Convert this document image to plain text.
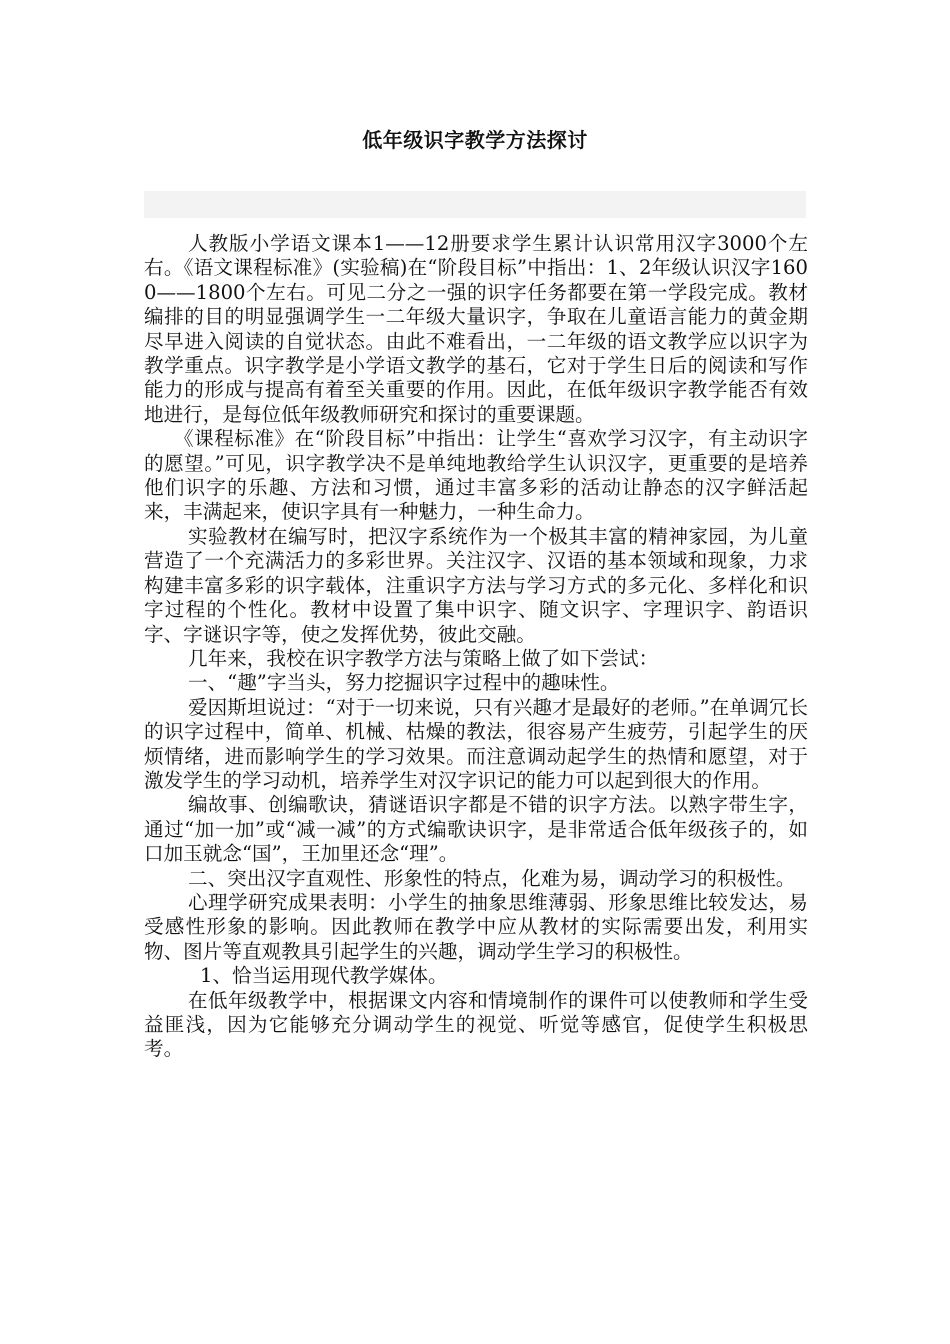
低年级识字教学方法探讨

人教版小学语文课本1——12册要求学生累计认识常用汉字3000个左右。《语文课程标准》(实验稿)在“阶段目标”中指出：1、2年级认识汉字1600——1800个左右。可见二分之一强的识字任务都要在第一学段完成。教材编排的目的明显强调学生一二年级大量识字，争取在儿童语言能力的黄金期尽早进入阅读的自觉状态。由此不难看出，一二年级的语文教学应以识字为教学重点。识字教学是小学语文教学的基石，它对于学生日后的阅读和写作能力的形成与提高有着至关重要的作用。因此，在低年级识字教学能否有效地进行，是每位低年级教师研究和探讨的重要课题。

《课程标准》在“阶段目标”中指出：让学生“喜欢学习汉字，有主动识字的愿望。”可见，识字教学决不是单纯地教给学生认识汉字，更重要的是培养他们识字的乐趣、方法和习惯，通过丰富多彩的活动让静态的汉字鲜活起来，丰满起来，使识字具有一种魅力，一种生命力。

实验教材在编写时，把汉字系统作为一个极其丰富的精神家园，为儿童营造了一个充满活力的多彩世界。关注汉字、汉语的基本领域和现象，力求构建丰富多彩的识字载体，注重识字方法与学习方式的多元化、多样化和识字过程的个性化。教材中设置了集中识字、随文识字、字理识字、韵语识字、字谜识字等，使之发挥优势，彼此交融。

几年来，我校在识字教学方法与策略上做了如下尝试：

一、“趣”字当头，努力挖掘识字过程中的趣味性。

爱因斯坦说过：“对于一切来说，只有兴趣才是最好的老师。”在单调冗长的识字过程中，简单、机械、枯燥的教法，很容易产生疲劳，引起学生的厌烦情绪，进而影响学生的学习效果。而注意调动起学生的热情和愿望，对于激发学生的学习动机，培养学生对汉字识记的能力可以起到很大的作用。

编故事、创编歌诀，猜谜语识字都是不错的识字方法。以熟字带生字，通过“加一加”或“减一减”的方式编歌诀识字，是非常适合低年级孩子的，如口加玉就念“国”，王加里还念“理”。

二、突出汉字直观性、形象性的特点，化难为易，调动学习的积极性。

心理学研究成果表明：小学生的抽象思维薄弱、形象思维比较发达，易受感性形象的影响。因此教师在教学中应从教材的实际需要出发，利用实物、图片等直观教具引起学生的兴趣，调动学生学习的积极性。

1、恰当运用现代教学媒体。

在低年级教学中，根据课文内容和情境制作的课件可以使教师和学生受益匪浅，因为它能够充分调动学生的视觉、听觉等感官，促使学生积极思考。
